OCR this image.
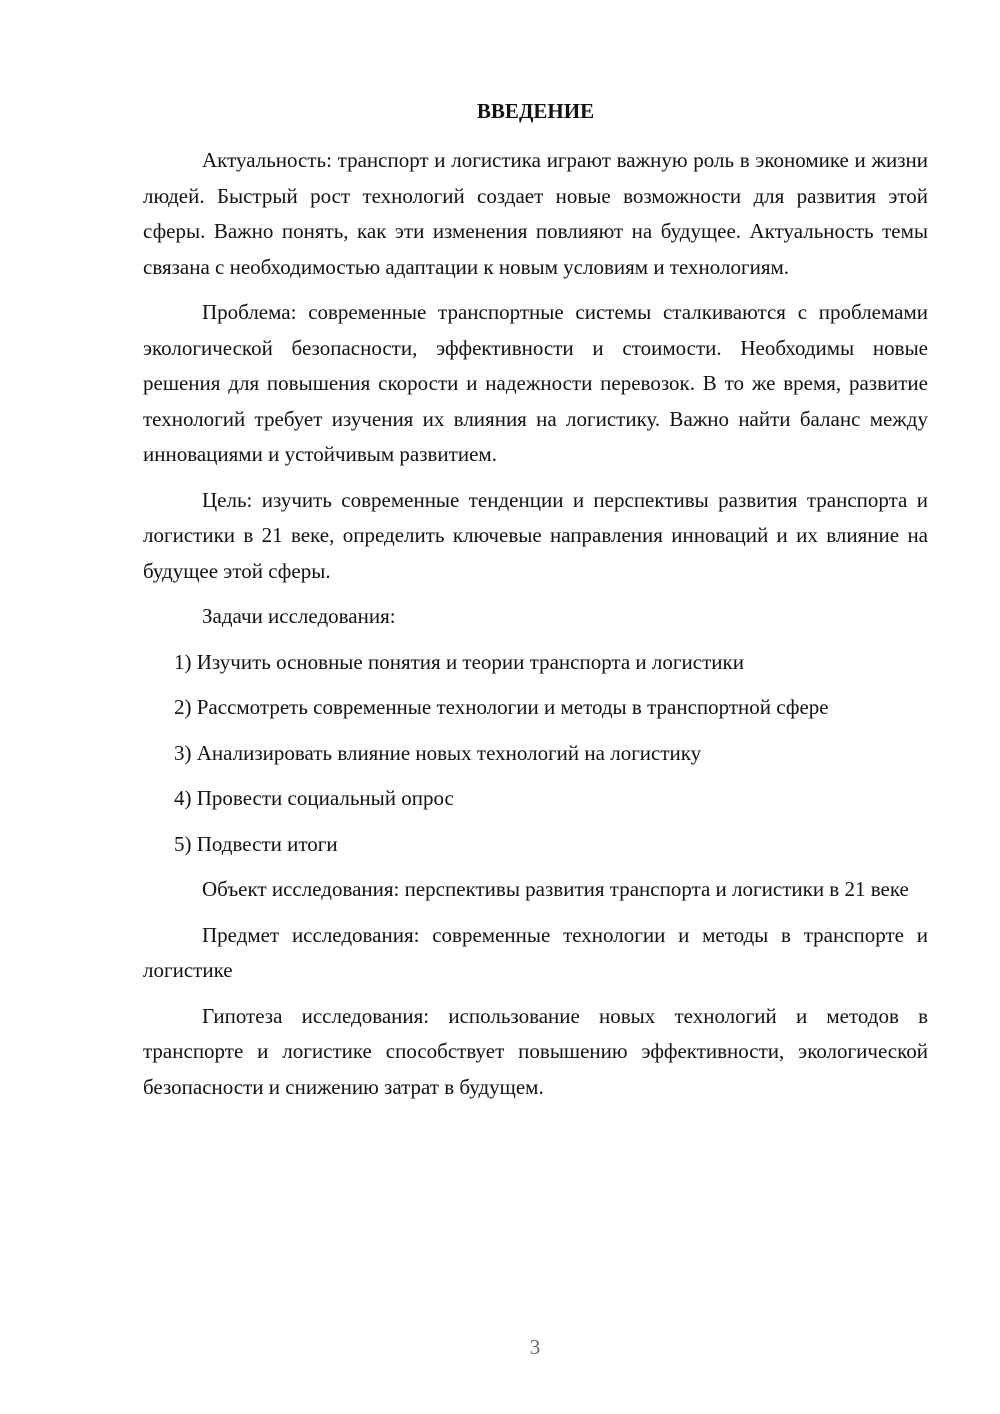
ВВЕДЕНИЕ

Актуальность: транспорт и логистика играют важную роль в экономике и жизни людей. Быстрый рост технологий создает новые возможности для развития этой сферы. Важно понять, как эти изменения повлияют на будущее. Актуальность темы связана с необходимостью адаптации к новым условиям и технологиям.

Проблема: современные транспортные системы сталкиваются с проблемами экологической безопасности, эффективности и стоимости. Необходимы новые решения для повышения скорости и надежности перевозок. В то же время, развитие технологий требует изучения их влияния на логистику. Важно найти баланс между инновациями и устойчивым развитием.

Цель: изучить современные тенденции и перспективы развития транспорта и логистики в 21 веке, определить ключевые направления инноваций и их влияние на будущее этой сферы.

Задачи исследования:

1) Изучить основные понятия и теории транспорта и логистики

2) Рассмотреть современные технологии и методы в транспортной сфере

3) Анализировать влияние новых технологий на логистику

4) Провести социальный опрос

5) Подвести итоги

Объект исследования: перспективы развития транспорта и логистики в 21 веке

Предмет исследования: современные технологии и методы в транспорте и логистике

Гипотеза исследования: использование новых технологий и методов в транспорте и логистике способствует повышению эффективности, экологической безопасности и снижению затрат в будущем.

3
